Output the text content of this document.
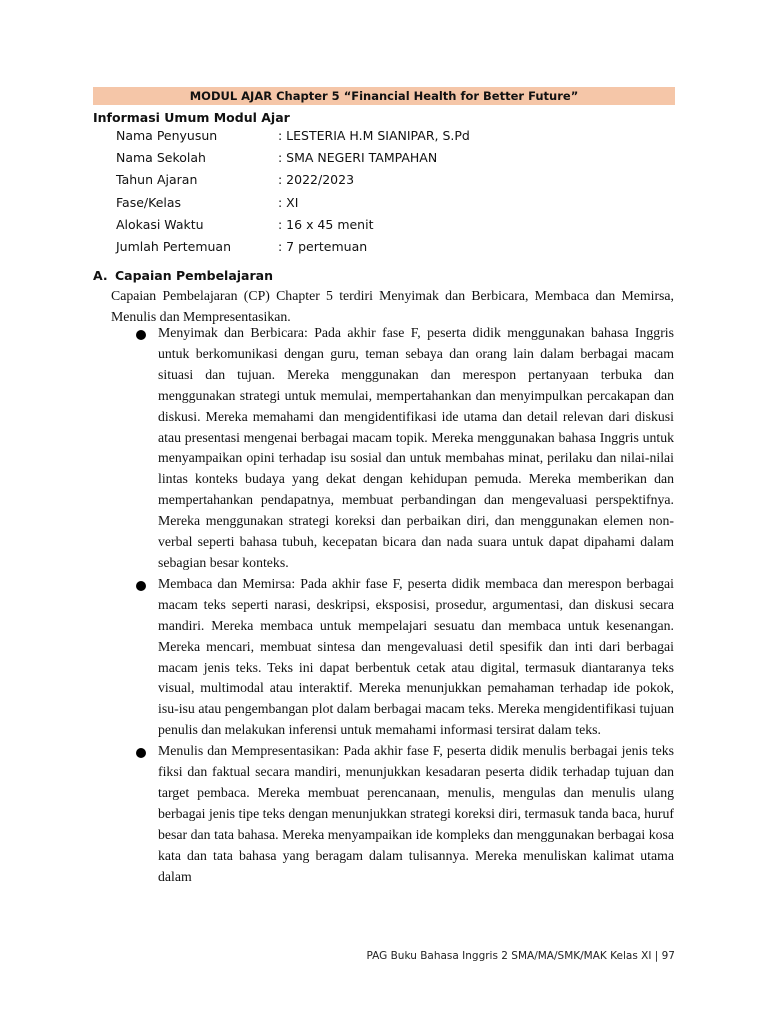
MODUL AJAR Chapter 5 “Financial Health for Better Future”
Informasi Umum Modul Ajar
Nama Penyusun	: LESTERIA H.M SIANIPAR, S.Pd
Nama Sekolah	: SMA NEGERI TAMPAHAN
Tahun Ajaran	: 2022/2023
Fase/Kelas	: XI
Alokasi Waktu	: 16 x 45 menit
Jumlah Pertemuan	: 7 pertemuan
A. Capaian Pembelajaran
Capaian Pembelajaran (CP) Chapter 5 terdiri Menyimak dan Berbicara, Membaca dan Memirsa, Menulis dan Mempresentasikan.

Menyimak dan Berbicara: Pada akhir fase F, peserta didik menggunakan bahasa Inggris untuk berkomunikasi dengan guru, teman sebaya dan orang lain dalam berbagai macam situasi dan tujuan. Mereka menggunakan dan merespon pertanyaan terbuka dan menggunakan strategi untuk memulai, mempertahankan dan menyimpulkan percakapan dan diskusi. Mereka memahami dan mengidentifikasi ide utama dan detail relevan dari diskusi atau presentasi mengenai berbagai macam topik. Mereka menggunakan bahasa Inggris untuk menyampaikan opini terhadap isu sosial dan untuk membahas minat, perilaku dan nilai-nilai lintas konteks budaya yang dekat dengan kehidupan pemuda. Mereka memberikan dan mempertahankan pendapatnya, membuat perbandingan dan mengevaluasi perspektifnya. Mereka menggunakan strategi koreksi dan perbaikan diri, dan menggunakan elemen non-verbal seperti bahasa tubuh, kecepatan bicara dan nada suara untuk dapat dipahami dalam sebagian besar konteks.

Membaca dan Memirsa: Pada akhir fase F, peserta didik membaca dan merespon berbagai macam teks seperti narasi, deskripsi, eksposisi, prosedur, argumentasi, dan diskusi secara mandiri. Mereka membaca untuk mempelajari sesuatu dan membaca untuk kesenangan. Mereka mencari, membuat sintesa dan mengevaluasi detil spesifik dan inti dari berbagai macam jenis teks. Teks ini dapat berbentuk cetak atau digital, termasuk diantaranya teks visual, multimodal atau interaktif. Mereka menunjukkan pemahaman terhadap ide pokok, isu-isu atau pengembangan plot dalam berbagai macam teks. Mereka mengidentifikasi tujuan penulis dan melakukan inferensi untuk memahami informasi tersirat dalam teks.

Menulis dan Mempresentasikan: Pada akhir fase F, peserta didik menulis berbagai jenis teks fiksi dan faktual secara mandiri, menunjukkan kesadaran peserta didik terhadap tujuan dan target pembaca. Mereka membuat perencanaan, menulis, mengulas dan menulis ulang berbagai jenis tipe teks dengan menunjukkan strategi koreksi diri, termasuk tanda baca, huruf besar dan tata bahasa. Mereka menyampaikan ide kompleks dan menggunakan berbagai kosa kata dan tata bahasa yang beragam dalam tulisannya. Mereka menuliskan kalimat utama dalam

PAG Buku Bahasa Inggris 2 SMA/MA/SMK/MAK Kelas XI | 97
